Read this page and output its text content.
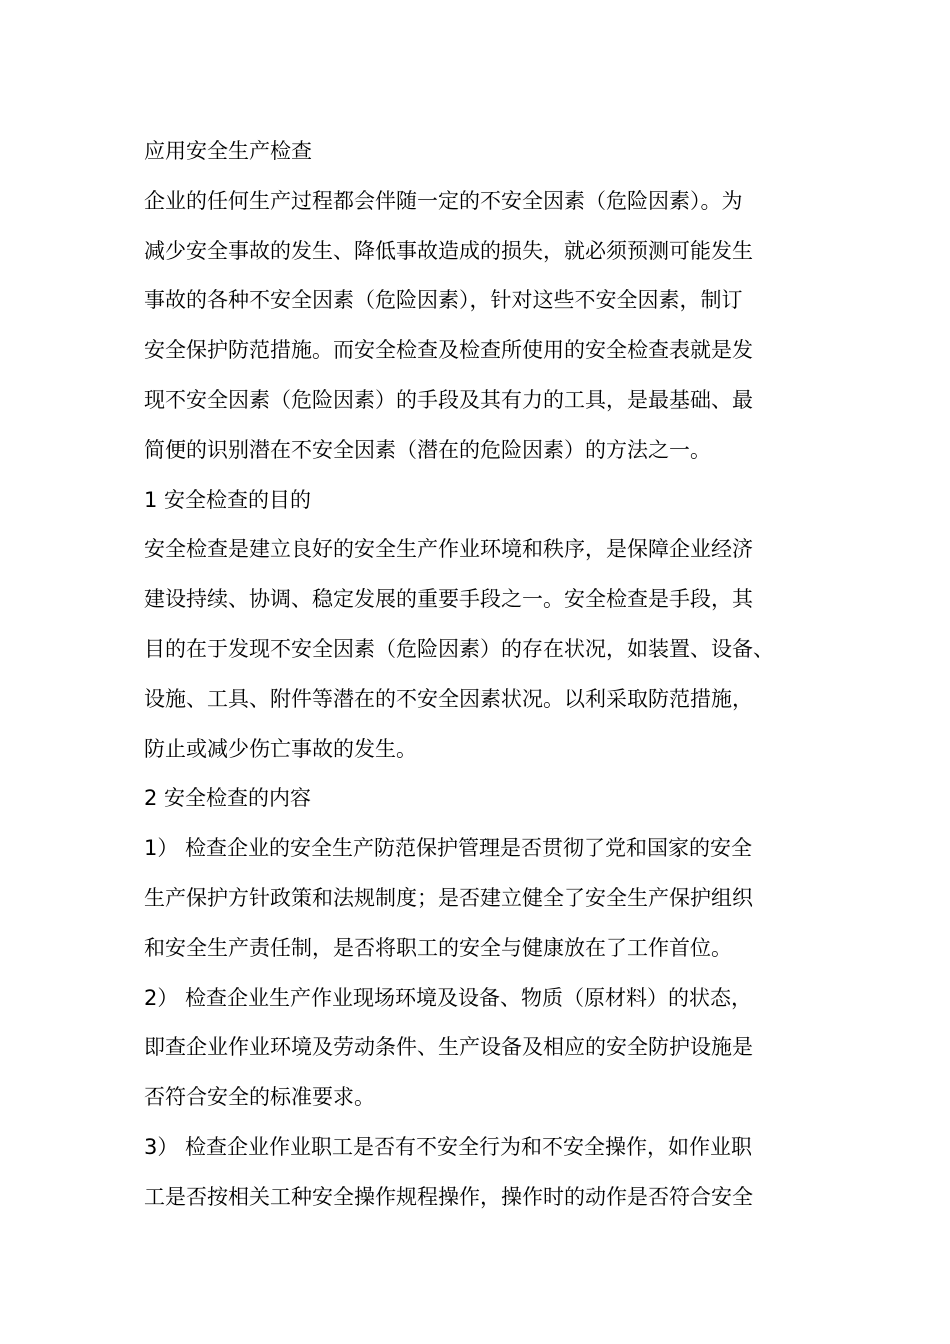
应用安全生产检查
企业的任何生产过程都会伴随一定的不安全因素（危险因素）。为
减少安全事故的发生、降低事故造成的损失，就必须预测可能发生
事故的各种不安全因素（危险因素），针对这些不安全因素，制订
安全保护防范措施。而安全检查及检查所使用的安全检查表就是发
现不安全因素（危险因素）的手段及其有力的工具，是最基础、最
简便的识别潜在不安全因素（潜在的危险因素）的方法之一。
1 安全检查的目的
安全检查是建立良好的安全生产作业环境和秩序，是保障企业经济
建设持续、协调、稳定发展的重要手段之一。安全检查是手段，其
目的在于发现不安全因素（危险因素）的存在状况，如装置、设备、
设施、工具、附件等潜在的不安全因素状况。以利采取防范措施，
防止或减少伤亡事故的发生。
2 安全检查的内容
1） 检查企业的安全生产防范保护管理是否贯彻了党和国家的安全
生产保护方针政策和法规制度；是否建立健全了安全生产保护组织
和安全生产责任制，是否将职工的安全与健康放在了工作首位。
2） 检查企业生产作业现场环境及设备、物质（原材料）的状态，
即查企业作业环境及劳动条件、生产设备及相应的安全防护设施是
否符合安全的标准要求。
3） 检查企业作业职工是否有不安全行为和不安全操作，如作业职
工是否按相关工种安全操作规程操作，操作时的动作是否符合安全
